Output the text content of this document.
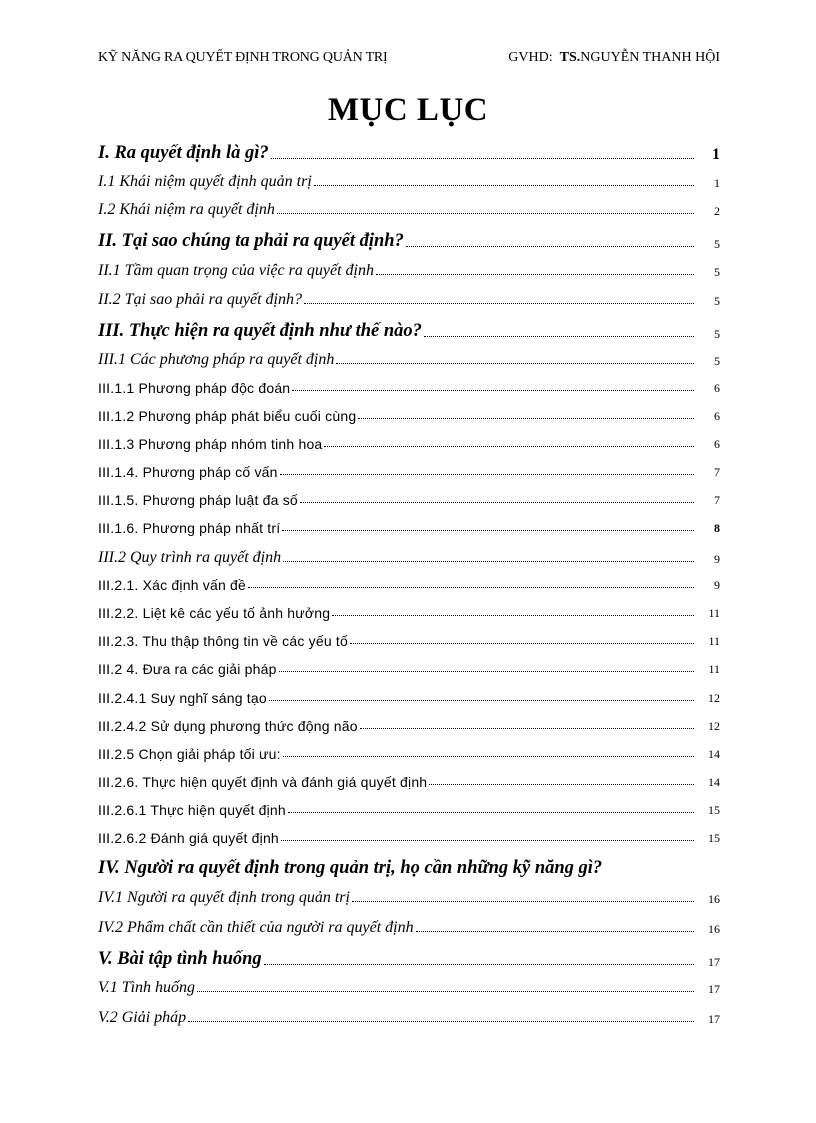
KỸ NĂNG RA QUYẾT ĐỊNH TRONG QUẢN TRỊ	GVHD: TS.NGUYỄN THANH HỘI
MỤC LỤC
I. Ra quyết định là gì?	1
I.1 Khái niệm quyết định quản trị	1
I.2 Khái niệm ra quyết định	2
II. Tại sao chúng ta phải ra quyết định?	5
II.1 Tầm quan trọng của việc ra quyết định	5
II.2 Tại sao phải ra quyết định?	5
III. Thực hiện ra quyết định như thế nào?	5
III.1 Các phương pháp ra quyết định	5
III.1.1 Phương pháp độc đoán	6
III.1.2 Phương pháp phát biểu cuối cùng	6
III.1.3 Phương pháp nhóm tinh hoa	6
III.1.4. Phương pháp cố vấn	7
III.1.5. Phương pháp luật đa số	7
III.1.6. Phương pháp nhất trí	8
III.2 Quy trình ra quyết định	9
III.2.1. Xác định vấn đề	9
III.2.2. Liệt kê các yếu tố ảnh hưởng	11
III.2.3. Thu thập thông tin về các yếu tố	11
III.2 4. Đưa ra các giải pháp	11
III.2.4.1 Suy nghĩ sáng tạo	12
III.2.4.2 Sử dụng phương thức động não	12
III.2.5 Chọn giải pháp tối ưu:	14
III.2.6. Thực hiện quyết định và đánh giá quyết định	14
III.2.6.1 Thực hiện quyết định	15
III.2.6.2 Đánh giá quyết định	15
IV. Người ra quyết định trong quản trị, họ cần những kỹ năng gì?
IV.1 Người ra quyết định trong quản trị	16
IV.2 Phẩm chất cần thiết của người ra quyết định	16
V. Bài tập tình huống	17
V.1 Tình huống	17
V.2 Giải pháp	17
